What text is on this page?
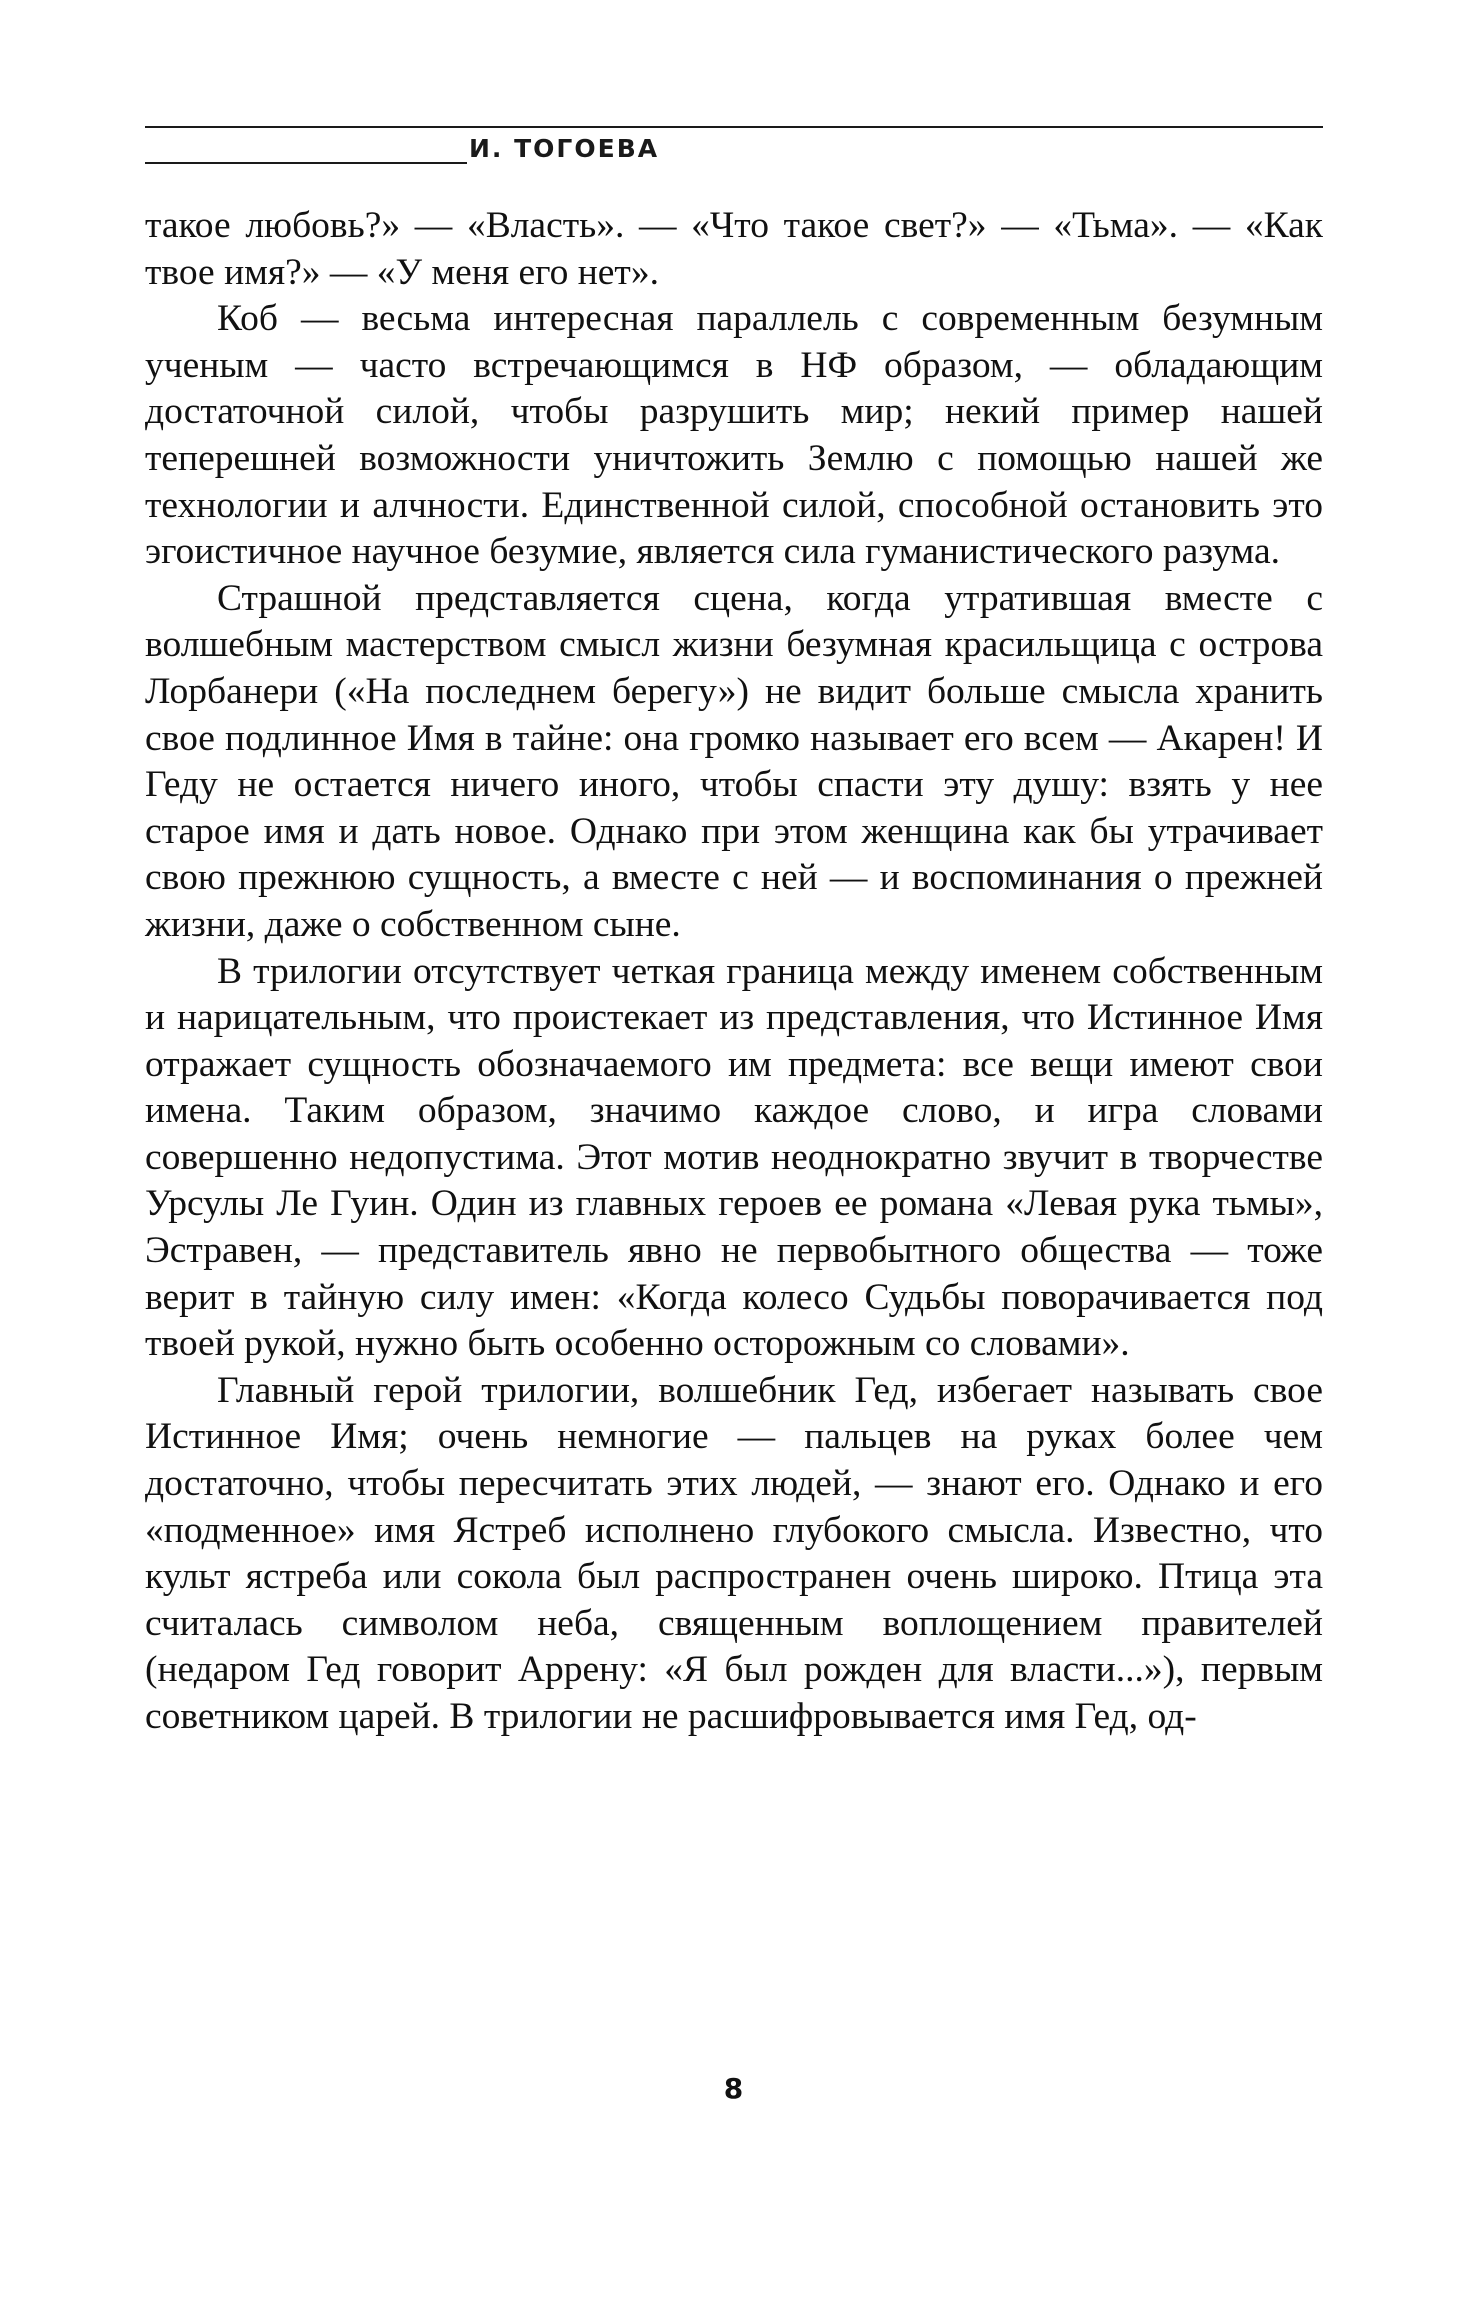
И. ТОГОЕВА

такое любовь?» — «Власть». — «Что такое свет?» — «Тьма». — «Как твое имя?» — «У меня его нет».

Коб — весьма интересная параллель с современным безумным ученым — часто встречающимся в НФ образом, — обладающим достаточной силой, чтобы разрушить мир; некий пример нашей теперешней возможности уничтожить Землю с помощью нашей же технологии и алчности. Единственной силой, способной остановить это эгоистичное научное безумие, является сила гуманистического разума.

Страшной представляется сцена, когда утратившая вместе с волшебным мастерством смысл жизни безумная красильщица с острова Лорбанери («На последнем берегу») не видит больше смысла хранить свое подлинное Имя в тайне: она громко называет его всем — Акарен! И Геду не остается ничего иного, чтобы спасти эту душу: взять у нее старое имя и дать новое. Однако при этом женщина как бы утрачивает свою прежнюю сущность, а вместе с ней — и воспоминания о прежней жизни, даже о собственном сыне.

В трилогии отсутствует четкая граница между именем собственным и нарицательным, что проистекает из представления, что Истинное Имя отражает сущность обозначаемого им предмета: все вещи имеют свои имена. Таким образом, значимо каждое слово, и игра словами совершенно недопустима. Этот мотив неоднократно звучит в творчестве Урсулы Ле Гуин. Один из главных героев ее романа «Левая рука тьмы», Эстравен, — представитель явно не первобытного общества — тоже верит в тайную силу имен: «Когда колесо Судьбы поворачивается под твоей рукой, нужно быть особенно осторожным со словами».

Главный герой трилогии, волшебник Гед, избегает называть свое Истинное Имя; очень немногие — пальцев на руках более чем достаточно, чтобы пересчитать этих людей, — знают его. Однако и его «подменное» имя Ястреб исполнено глубокого смысла. Известно, что культ ястреба или сокола был распространен очень широко. Птица эта считалась символом неба, священным воплощением правителей (недаром Гед говорит Аррену: «Я был рожден для власти...»), первым советником царей. В трилогии не расшифровывается имя Гед, од-

8
